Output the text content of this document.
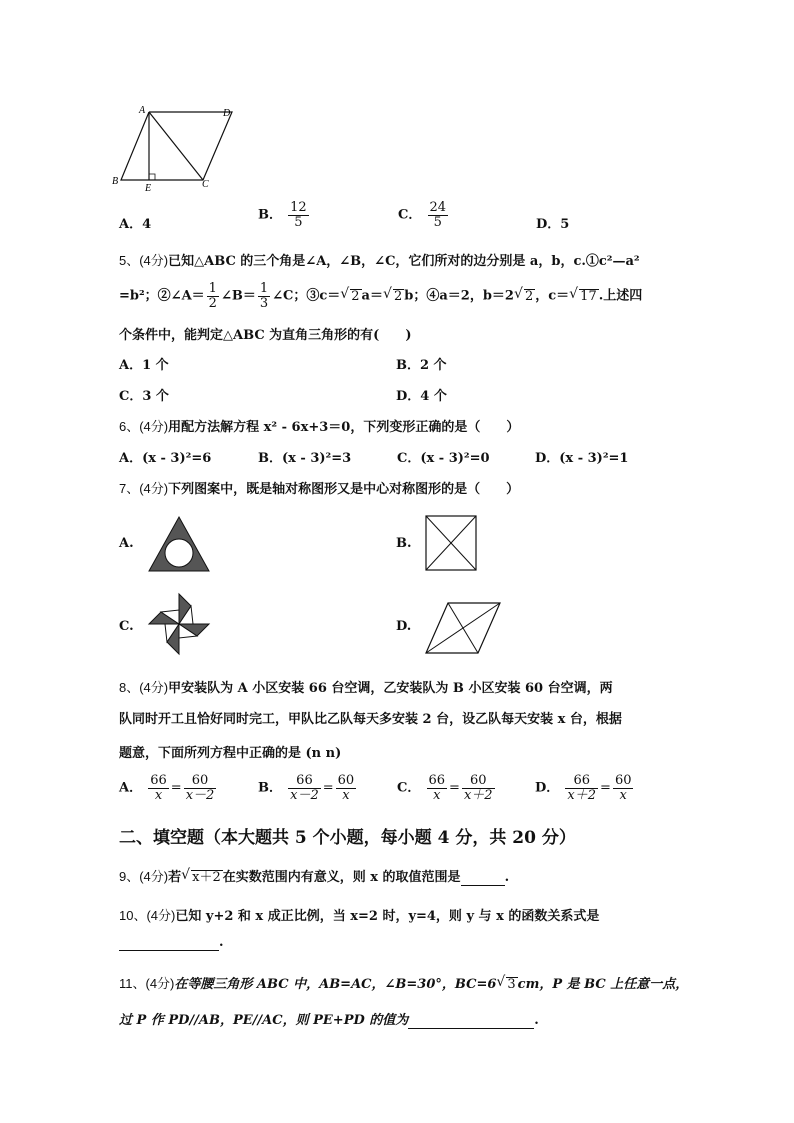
A	D
B
E	C
A．4
B． $\frac{12}{5}$	C． $\frac{24}{5}$	D．5
5、(4分)已知△ABC 的三个角是∠A，∠B，∠C，它们所对的边分别是 a，b，c.①c²—a²
=b²；②∠A＝ $\frac{1}{2}$ ∠B＝ $\frac{1}{3}$ ∠C；③c＝ √ 2 a＝ √ 2 b；④a＝2，b＝2 √ 2 ，c＝ √ 17 .上述四
个条件中，能判定△ABC 为直角三角形的有(　　)
A．1 个	B．2 个
C．3 个	D．4 个
6、(4分)用配方法解方程 x² - 6x+3＝0，下列变形正确的是（　　）
A．(x - 3)²=6	B．(x - 3)²=3	C．(x - 3)²=0	D．(x - 3)²=1
7、(4分)下列图案中，既是轴对称图形又是中心对称图形的是（　　）
A.	B.
C.	D.
8、(4分)甲安装队为 A 小区安装 66 台空调，乙安装队为 B 小区安装 60 台空调，两
队同时开工且恰好同时完工，甲队比乙队每天多安装 2 台，设乙队每天安装 x 台，根据
题意，下面所列方程中正确的是 (n n)
A． $\frac{66}{x} = \frac{60}{x-2}$	B． $\frac{66}{x-2} = \frac{60}{x}$	C． $\frac{66}{x} = \frac{60}{x+2}$	D． $\frac{66}{x+2} = \frac{60}{x}$
二、填空题（本大题共 5 个小题，每小题 4 分，共 20 分）
9、(4分)若 √ x＋2 在实数范围内有意义，则 x 的取值范围是	.
10、(4分)已知 y+2 和 x 成正比例，当 x=2 时，y=4，则 y 与 x 的函数关系式是
.
11、(4分)在等腰三角形 ABC 中，AB=AC，∠B=30°，BC=6 √ 3 cm，P 是 BC 上任意一点，
过 P 作 PD//AB，PE//AC，则 PE+PD 的值为	.
